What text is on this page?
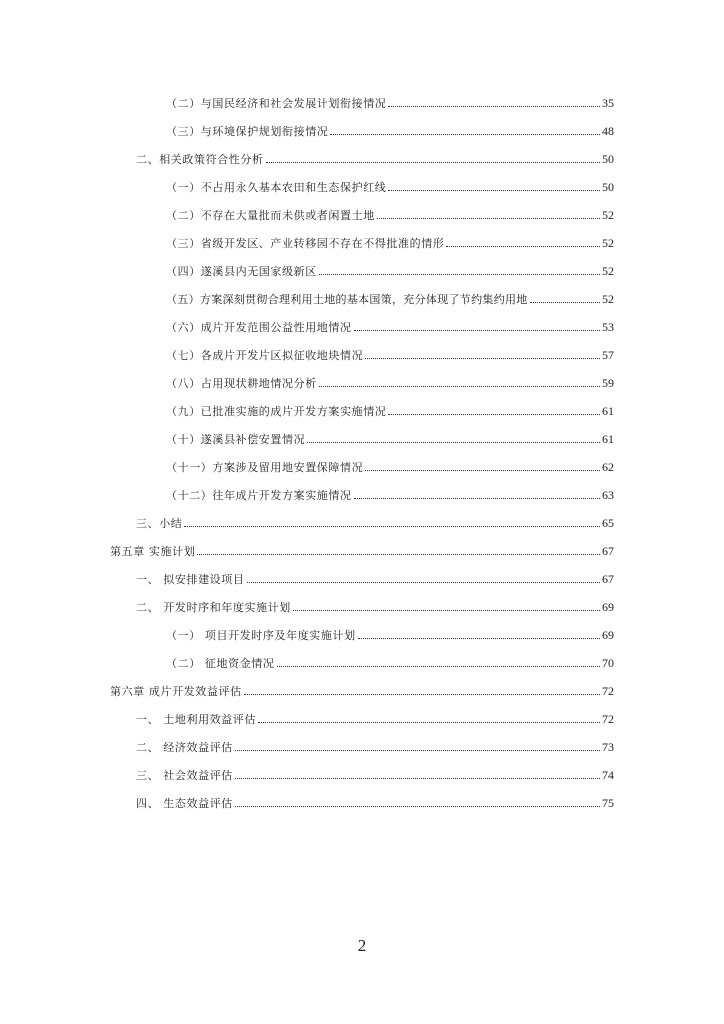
（二）与国民经济和社会发展计划衔接情况	35
（三）与环境保护规划衔接情况	48
二、相关政策符合性分析	50
（一）不占用永久基本农田和生态保护红线	50
（二）不存在大量批而未供或者闲置土地	52
（三）省级开发区、产业转移园不存在不得批准的情形	52
（四）遂溪县内无国家级新区	52
（五）方案深刻贯彻合理利用土地的基本国策，充分体现了节约集约用地	52
（六）成片开发范围公益性用地情况	53
（七）各成片开发片区拟征收地块情况	57
（八）占用现状耕地情况分析	59
（九）已批准实施的成片开发方案实施情况	61
（十）遂溪县补偿安置情况	61
（十一）方案涉及留用地安置保障情况	62
（十二）往年成片开发方案实施情况	63
三、小结	65
第五章 实施计划	67
一、 拟安排建设项目	67
二、 开发时序和年度实施计划	69
（一） 项目开发时序及年度实施计划	69
（二） 征地资金情况	70
第六章 成片开发效益评估	72
一、 土地利用效益评估	72
二、 经济效益评估	73
三、 社会效益评估	74
四、 生态效益评估	75
2
